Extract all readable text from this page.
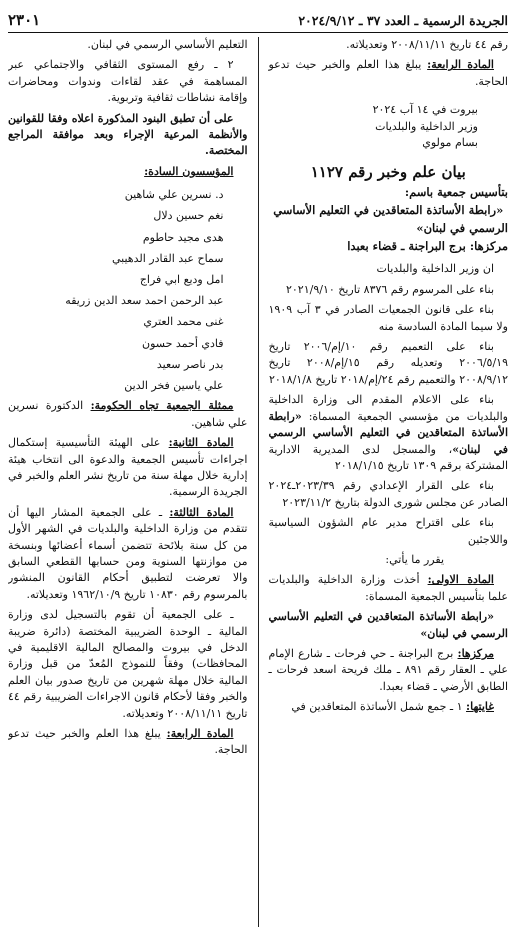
الجريدة الرسمية ـ العدد ٣٧ ـ ٢٠٢٤/٩/١٢
٢٣٠١

رقم ٤٤ تاريخ ٢٠٠٨/١١/١١ وتعديلاته.

المادة الرابعة: يبلغ هذا العلم والخبر حيث تدعو الحاجة.

بيروت في ١٤ آب ٢٠٢٤

وزير الداخلية والبلديات

بسام مولوي

بيان علم وخبر رقم ١١٢٧

بتأسيس جمعية باسم:

«رابطة الأساتذة المتعاقدين في التعليم الأساسي الرسمي في لبنان»

مركزها: برج البراجنة ـ قضاء بعبدا

ان وزير الداخلية والبلديات

بناء على المرسوم رقم ٨٣٧٦ تاريخ ٢٠٢١/٩/١٠

بناء على قانون الجمعيات الصادر في ٣ آب ١٩٠٩ ولا سيما المادة السادسة منه

بناء على التعميم رقم ١٠/إم/٢٠٠٦ تاريخ ٢٠٠٦/٥/١٩ وتعديله رقم ١٥/إم/٢٠٠٨ تاريخ ٢٠٠٨/٩/١٢ والتعميم رقم ٢٤/إم/٢٠١٨ تاريخ ٢٠١٨/١/٨

بناء على الاعلام المقدم الى وزارة الداخلية والبلديات من مؤسسي الجمعية المسماة: «رابطة الأساتذة المتعاقدين في التعليم الأساسي الرسمي في لبنان»، والمسجل لدى المديرية الادارية المشتركة برقم ١٣٠٩ تاريخ ٢٠١٨/١/١٥

بناء على القرار الإعدادي رقم ٢٠٢٣/٣٩ـ٢٠٢٤ الصادر عن مجلس شورى الدولة بتاريخ ٢٠٢٣/١١/٢

بناء على اقتراح مدير عام الشؤون السياسية واللاجئين

يقرر ما يأتي:

المادة الاولى: أخذت وزارة الداخلية والبلديات علما بتأسيس الجمعية المسماة:

«رابطة الأساتذة المتعاقدين في التعليم الأساسي الرسمي في لبنان»

مركزها: برج البراجنة ـ حي فرحات ـ شارع الإمام علي ـ العقار رقم ٨٩١ ـ ملك فريحة اسعد فرحات ـ الطابق الأرضي ـ قضاء بعبدا.

غايتها: ١ ـ جمع شمل الأساتذة المتعاقدين في

التعليم الأساسي الرسمي في لبنان.

٢ ـ رفع المستوى الثقافي والاجتماعي عبر المساهمة في عقد لقاءات وندوات ومحاضرات وإقامة نشاطات ثقافية وتربوية.

على أن تطبق البنود المذكورة اعلاه وفقا للقوانين والأنظمة المرعية الإجراء وبعد موافقة المراجع المختصة.

المؤسسون السادة:

د. نسرين علي شاهين
نغم حسين دلال
هدى مجيد حاطوم
سماح عبد القادر الدهيبي
امل وديع ابي فراج
عبد الرحمن احمد سعد الدين زريقه
غنى محمد العتري
فادي أحمد حسون
بدر ناصر سعيد
علي ياسين فخر الدين

ممثلة الجمعية تجاه الحكومة: الدكتورة نسرين علي شاهين.

المادة الثانية: على الهيئة التأسيسية إستكمال اجراءات تأسيس الجمعية والدعوة الى انتخاب هيئة إدارية خلال مهلة سنة من تاريخ نشر العلم والخبر في الجريدة الرسمية.

المادة الثالثة: ـ على الجمعية المشار اليها أن تتقدم من وزارة الداخلية والبلديات في الشهر الأول من كل سنة بلائحة تتضمن أسماء أعضائها وبنسخة من موازنتها السنوية ومن حسابها القطعي السابق والا تعرضت لتطبيق أحكام القانون المنشور بالمرسوم رقم ١٠٨٣٠ تاريخ ١٩٦٢/١٠/٩ وتعديلاته.

ـ على الجمعية أن تقوم بالتسجيل لدى وزارة المالية ـ الوحدة الضريبية المختصة (دائرة ضريبة الدخل في بيروت والمصالح المالية الاقليمية في المحافظات) وفقاً للنموذج المُعدّ من قبل وزارة المالية خلال مهلة شهرين من تاريخ صدور بيان العلم والخبر وفقا لأحكام قانون الاجراءات الضريبية رقم ٤٤ تاريخ ٢٠٠٨/١١/١١ وتعديلاته.

المادة الرابعة: يبلغ هذا العلم والخبر حيث تدعو الحاجة.
